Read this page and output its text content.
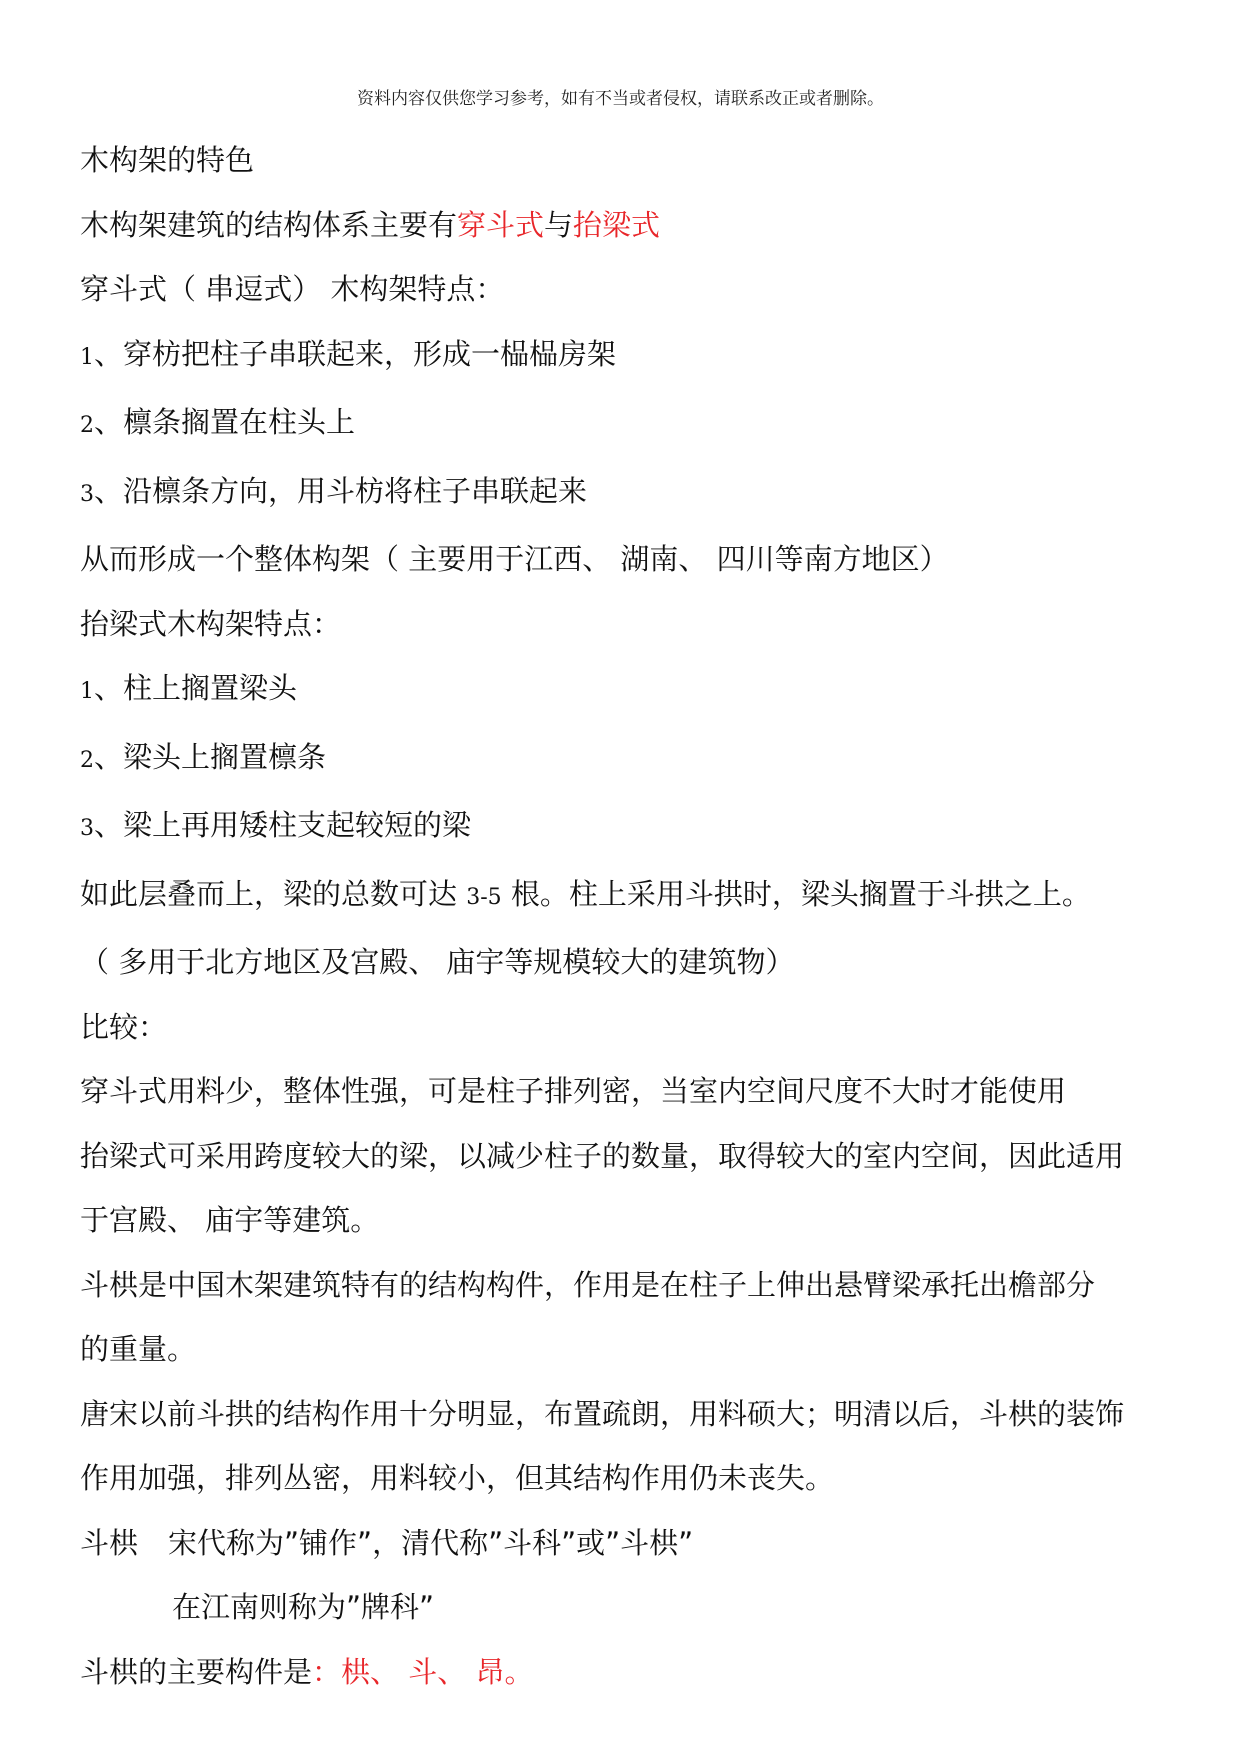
资料内容仅供您学习参考，如有不当或者侵权，请联系改正或者删除。

木构架的特色

木构架建筑的结构体系主要有穿斗式与抬梁式

穿斗式（ 串逗式） 木构架特点：

1、穿枋把柱子串联起来，形成一榀榀房架

2、檩条搁置在柱头上

3、沿檩条方向，用斗枋将柱子串联起来

从而形成一个整体构架（ 主要用于江西、 湖南、 四川等南方地区）

抬梁式木构架特点：

1、柱上搁置梁头

2、梁头上搁置檩条

3、梁上再用矮柱支起较短的梁

如此层叠而上，梁的总数可达 3-5 根。柱上采用斗拱时，梁头搁置于斗拱之上。

（ 多用于北方地区及宫殿、 庙宇等规模较大的建筑物）

比较：

穿斗式用料少，整体性强，可是柱子排列密，当室内空间尺度不大时才能使用

抬梁式可采用跨度较大的梁，以减少柱子的数量，取得较大的室内空间，因此适用

于宫殿、 庙宇等建筑。

斗栱是中国木架建筑特有的结构构件，作用是在柱子上伸出悬臂梁承托出檐部分

的重量。

唐宋以前斗拱的结构作用十分明显，布置疏朗，用料硕大；明清以后，斗栱的装饰

作用加强，排列丛密，用料较小，但其结构作用仍未丧失。

斗栱 宋代称为”铺作”，清代称”斗科”或”斗栱”

在江南则称为”牌科”

斗栱的主要构件是：栱、 斗、 昂。
